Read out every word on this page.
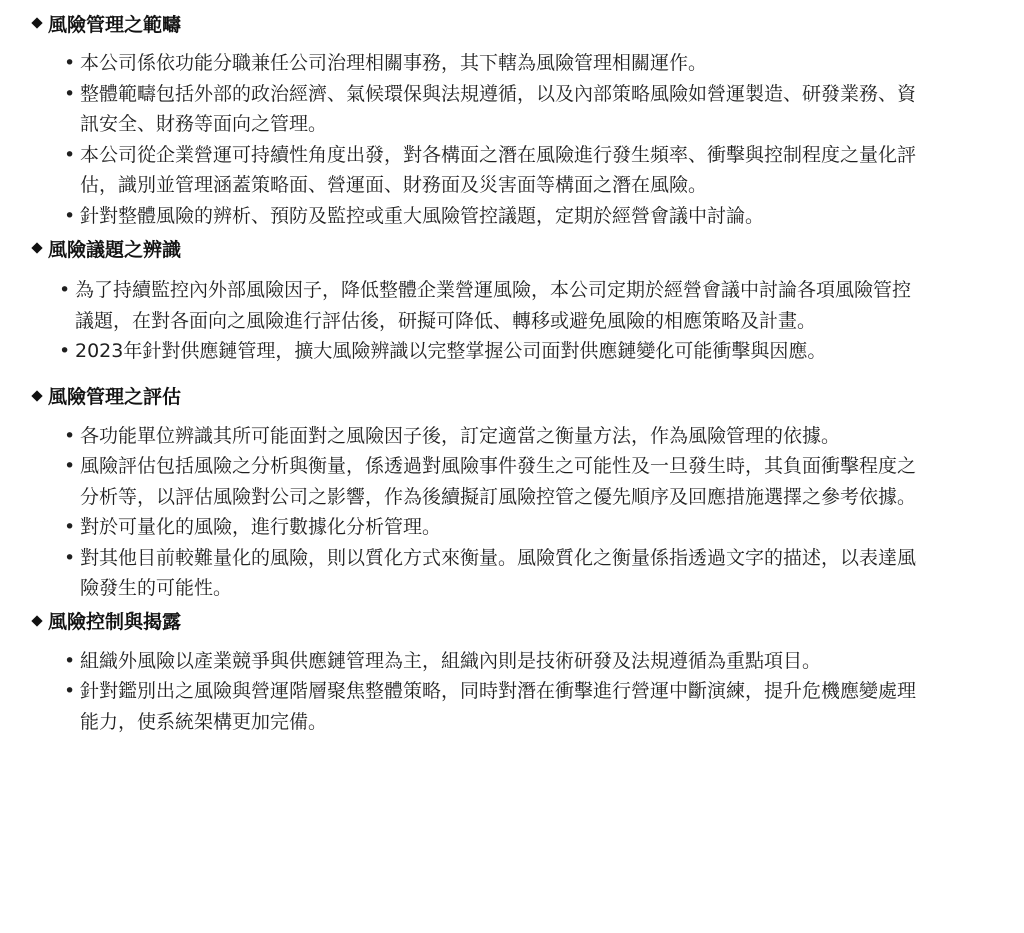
風險管理之範疇
• 本公司係依功能分職兼任公司治理相關事務，其下轄為風險管理相關運作。
• 整體範疇包括外部的政治經濟、氣候環保與法規遵循，以及內部策略風險如營運製造、研發業務、資訊安全、財務等面向之管理。
• 本公司從企業營運可持續性角度出發，對各構面之潛在風險進行發生頻率、衝擊與控制程度之量化評估，識別並管理涵蓋策略面、營運面、財務面及災害面等構面之潛在風險。
• 針對整體風險的辨析、預防及監控或重大風險管控議題，定期於經營會議中討論。
風險議題之辨識
• 為了持續監控內外部風險因子，降低整體企業營運風險，本公司定期於經營會議中討論各項風險管控議題，在對各面向之風險進行評估後，研擬可降低、轉移或避免風險的相應策略及計畫。
• 2023年針對供應鏈管理，擴大風險辨識以完整掌握公司面對供應鏈變化可能衝擊與因應。
風險管理之評估
• 各功能單位辨識其所可能面對之風險因子後，訂定適當之衡量方法，作為風險管理的依據。
• 風險評估包括風險之分析與衡量，係透過對風險事件發生之可能性及一旦發生時，其負面衝擊程度之分析等，以評估風險對公司之影響，作為後續擬訂風險控管之優先順序及回應措施選擇之參考依據。
• 對於可量化的風險，進行數據化分析管理。
• 對其他目前較難量化的風險，則以質化方式來衡量。風險質化之衡量係指透過文字的描述，以表達風險發生的可能性。
風險控制與揭露
• 組織外風險以產業競爭與供應鏈管理為主，組織內則是技術研發及法規遵循為重點項目。
• 針對鑑別出之風險與營運階層聚焦整體策略，同時對潛在衝擊進行營運中斷演練，提升危機應變處理能力，使系統架構更加完備。
